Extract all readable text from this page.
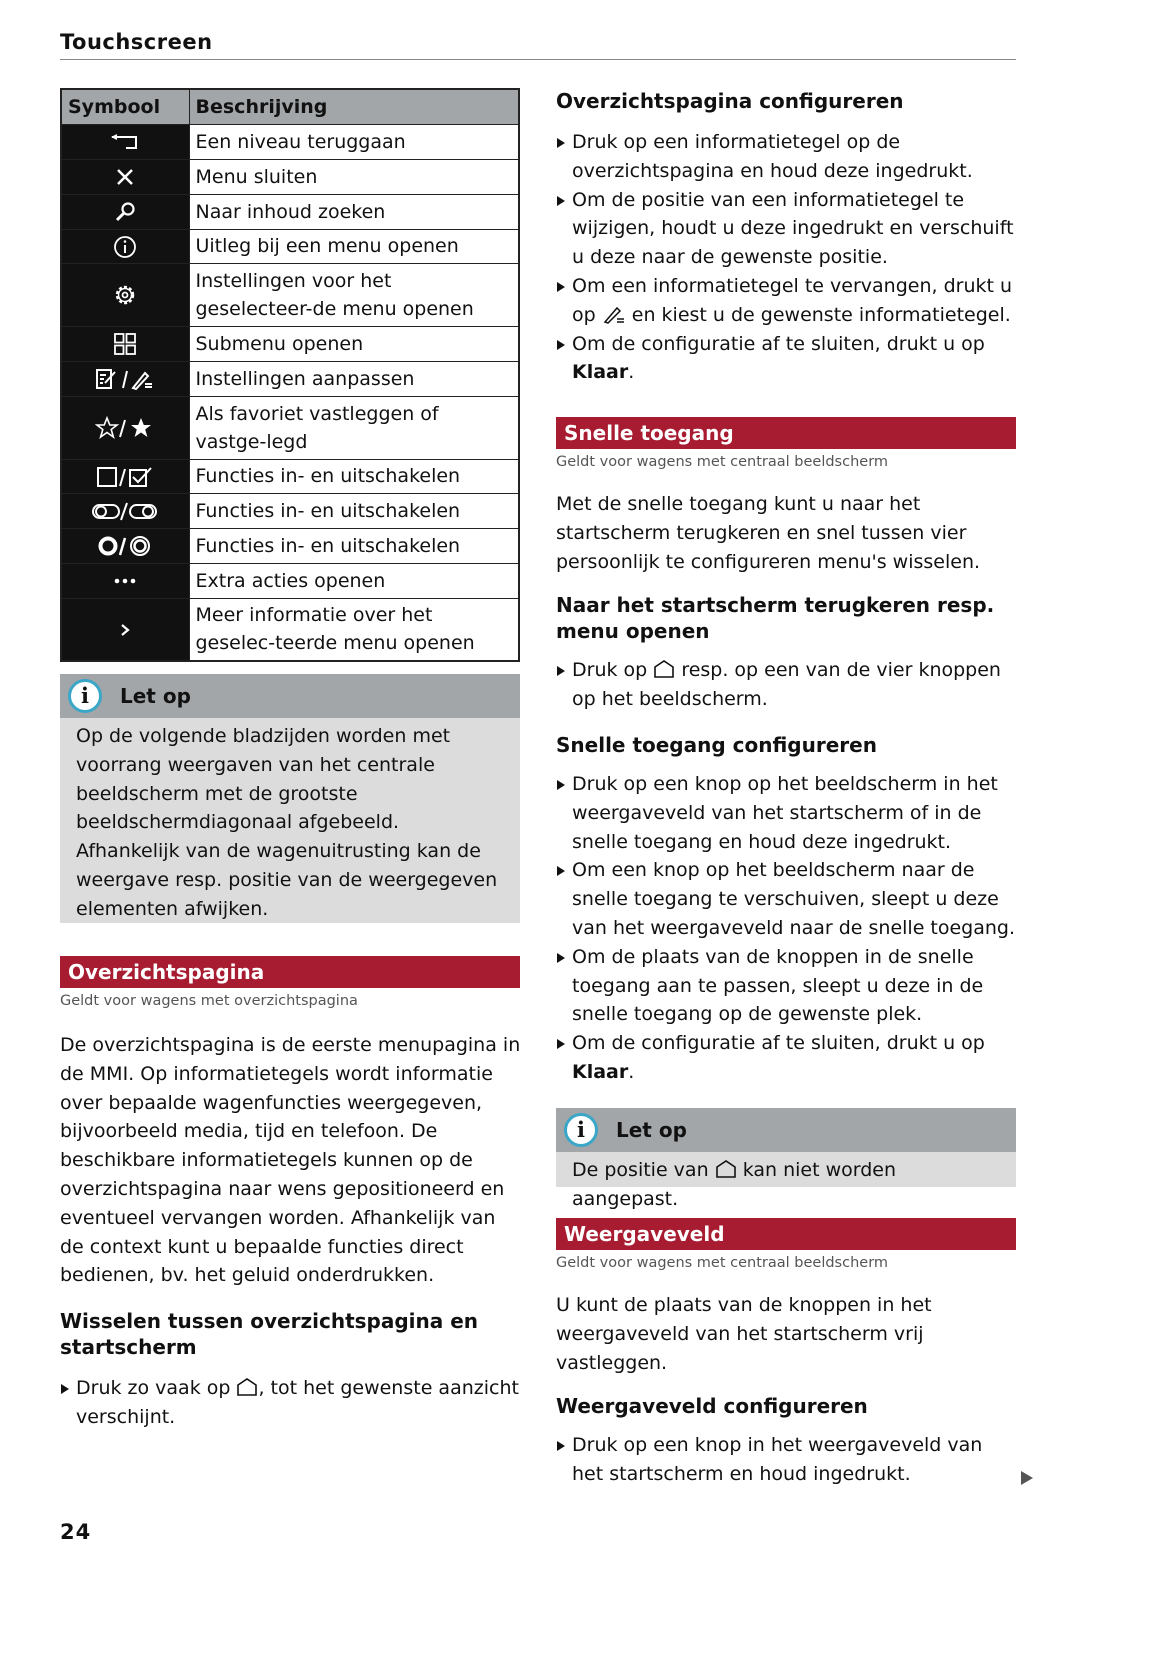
Touchscreen
Symbool	Beschrijving
	Een niveau teruggaan
	Menu sluiten
	Naar inhoud zoeken
	Uitleg bij een menu openen
	Instellingen voor het geselecteer-de menu openen
	Submenu openen
	Instellingen aanpassen
	Als favoriet vastleggen of vastge-legd
	Functies in- en uitschakelen
	Functies in- en uitschakelen
	Functies in- en uitschakelen
	Extra acties openen
	Meer informatie over het geselec-teerde menu openen
i	Let op
Op de volgende bladzijden worden met voorrang weergaven van het centrale beeldscherm met de grootste beeldschermdiagonaal afgebeeld. Afhankelijk van de wagenuitrusting kan de weergave resp. positie van de weergegeven elementen afwijken.
Overzichtspagina
Geldt voor wagens met overzichtspagina

De overzichtspagina is de eerste menupagina in de MMI. Op informatietegels wordt informatie over bepaalde wagenfuncties weergegeven, bijvoorbeeld media, tijd en telefoon. De beschikbare informatietegels kunnen op de overzichtspagina naar wens gepositioneerd en eventueel vervangen worden. Afhankelijk van de context kunt u bepaalde functies direct bedienen, bv. het geluid onderdrukken.

Wisselen tussen overzichtspagina en startscherm
Druk zo vaak op , tot het gewenste aanzicht verschijnt.
Overzichtspagina configureren
Druk op een informatietegel op de overzichtspagina en houd deze ingedrukt.
Om de positie van een informatietegel te wijzigen, houdt u deze ingedrukt en verschuift u deze naar de gewenste positie.
Om een informatietegel te vervangen, drukt u op en kiest u de gewenste informatietegel.
Om de configuratie af te sluiten, drukt u op Klaar.
Snelle toegang
Geldt voor wagens met centraal beeldscherm

Met de snelle toegang kunt u naar het startscherm terugkeren en snel tussen vier persoonlijk te configureren menu's wisselen.

Naar het startscherm terugkeren resp. menu openen
Druk op resp. op een van de vier knoppen op het beeldscherm.
Snelle toegang configureren
Druk op een knop op het beeldscherm in het weergaveveld van het startscherm of in de snelle toegang en houd deze ingedrukt.
Om een knop op het beeldscherm naar de snelle toegang te verschuiven, sleept u deze van het weergaveveld naar de snelle toegang.
Om de plaats van de knoppen in de snelle toegang aan te passen, sleept u deze in de snelle toegang op de gewenste plek.
Om de configuratie af te sluiten, drukt u op Klaar.
i	Let op
De positie van kan niet worden aangepast.
Weergaveveld
Geldt voor wagens met centraal beeldscherm

U kunt de plaats van de knoppen in het weergaveveld van het startscherm vrij vastleggen.

Weergaveveld configureren
Druk op een knop in het weergaveveld van het startscherm en houd ingedrukt.
24
